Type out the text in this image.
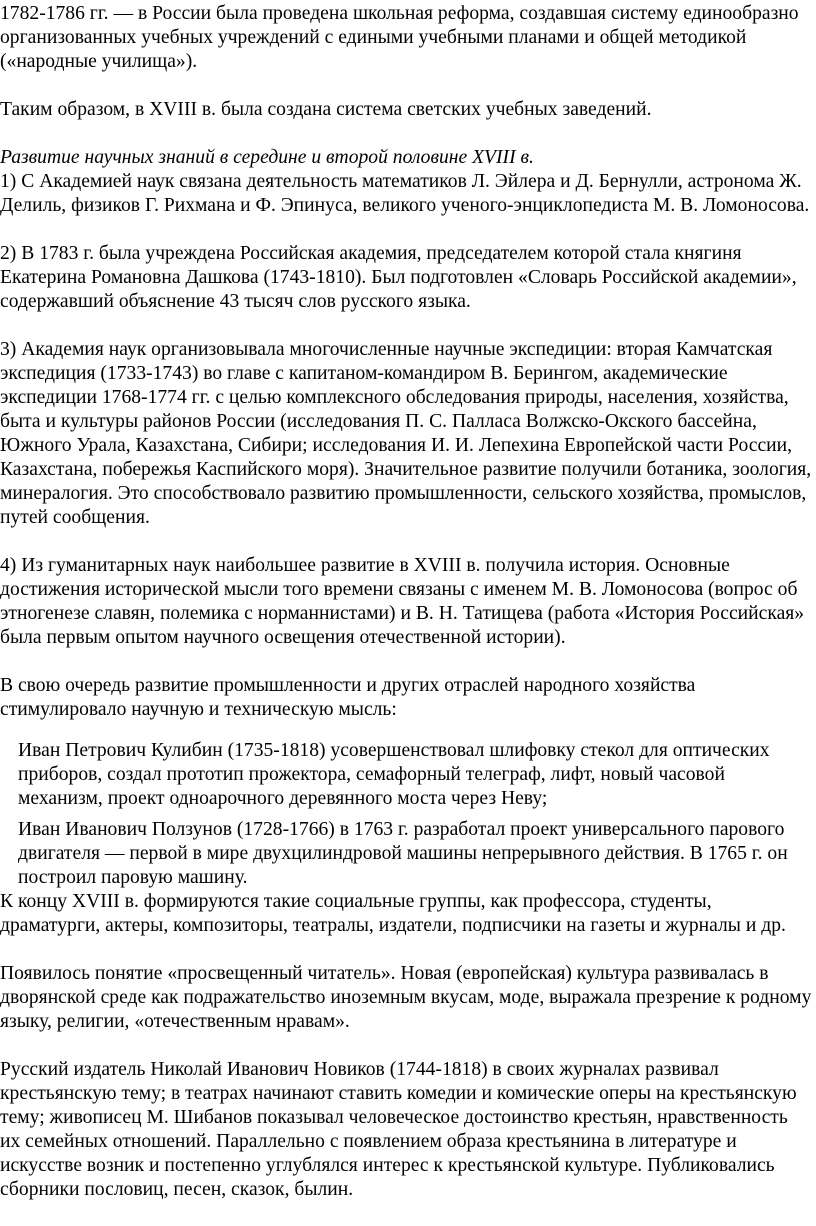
1782-1786 гг. — в России была проведена школьная реформа, создавшая систему единообразно организованных учебных учреждений с едиными учебными планами и общей методикой («народные училища»).

Таким образом, в XVIII в. была создана система светских учебных заведений.

Развитие научных знаний в середине и второй половине XVIII в.

1) С Академией наук связана деятельность математиков Л. Эйлера и Д. Бернулли, астронома Ж. Делиль, физиков Г. Рихмана и Ф. Эпинуса, великого ученого-энциклопедиста М. В. Ломоносова.

2) В 1783 г. была учреждена Российская академия, председателем которой стала княгиня Екатерина Романовна Дашкова (1743-1810). Был подготовлен «Словарь Российской академии», содержавший объяснение 43 тысяч слов русского языка.

3) Академия наук организовывала многочисленные научные экспедиции: вторая Камчатская экспедиция (1733-1743) во главе с капитаном-командиром В. Берингом, академические экспедиции 1768-1774 гг. с целью комплексного обследования природы, населения, хозяйства, быта и культуры районов России (исследования П. С. Палласа Волжско-Окского бассейна, Южного Урала, Казахстана, Сибири; исследования И. И. Лепехина Европейской части России, Казахстана, побережья Каспийского моря). Значительное развитие получили ботаника, зоология, минералогия. Это способствовало развитию промышленности, сельского хозяйства, промыслов, путей сообщения.

4) Из гуманитарных наук наибольшее развитие в XVIII в. получила история. Основные достижения исторической мысли того времени связаны с именем М. В. Ломоносова (вопрос об этногенезе славян, полемика с норманнистами) и В. Н. Татищева (работа «История Российская» была первым опытом научного освещения отечественной истории).

В свою очередь развитие промышленности и других отраслей народного хозяйства стимулировало научную и техническую мысль:

Иван Петрович Кулибин (1735-1818) усовершенствовал шлифовку стекол для оптических приборов, создал прототип прожектора, семафорный телеграф, лифт, новый часовой механизм, проект одноарочного деревянного моста через Неву;

Иван Иванович Ползунов (1728-1766) в 1763 г. разработал проект универсального парового двигателя — первой в мире двухцилиндровой машины непрерывного действия. В 1765 г. он построил паровую машину.

К концу XVIII в. формируются такие социальные группы, как профессора, студенты, драматурги, актеры, композиторы, театралы, издатели, подписчики на газеты и журналы и др.

Появилось понятие «просвещенный читатель». Новая (европейская) культура развивалась в дворянской среде как подражательство иноземным вкусам, моде, выражала презрение к родному языку, религии, «отечественным нравам».

Русский издатель Николай Иванович Новиков (1744-1818) в своих журналах развивал крестьянскую тему; в театрах начинают ставить комедии и комические оперы на крестьянскую тему; живописец М. Шибанов показывал человеческое достоинство крестьян, нравственность их семейных отношений. Параллельно с появлением образа крестьянина в литературе и искусстве возник и постепенно углублялся интерес к крестьянской культуре. Публиковались сборники пословиц, песен, сказок, былин.
